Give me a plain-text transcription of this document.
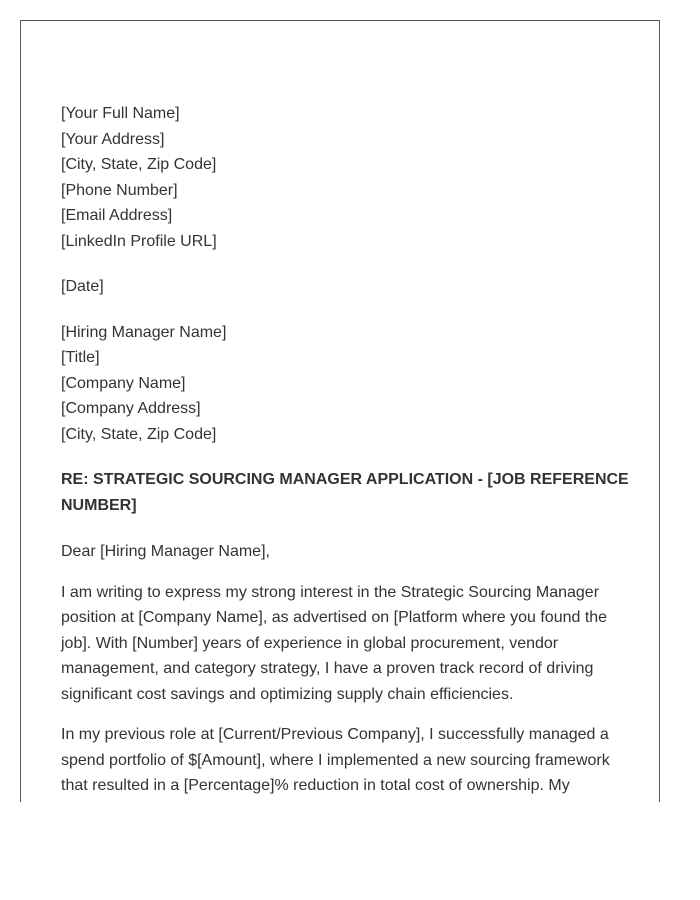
[Your Full Name]
[Your Address]
[City, State, Zip Code]
[Phone Number]
[Email Address]
[LinkedIn Profile URL]
[Date]
[Hiring Manager Name]
[Title]
[Company Name]
[Company Address]
[City, State, Zip Code]
RE: STRATEGIC SOURCING MANAGER APPLICATION - [JOB REFERENCE NUMBER]
Dear [Hiring Manager Name],

I am writing to express my strong interest in the Strategic Sourcing Manager position at [Company Name], as advertised on [Platform where you found the job]. With [Number] years of experience in global procurement, vendor management, and category strategy, I have a proven track record of driving significant cost savings and optimizing supply chain efficiencies.

In my previous role at [Current/Previous Company], I successfully managed a spend portfolio of $[Amount], where I implemented a new sourcing framework that resulted in a [Percentage]% reduction in total cost of ownership. My
